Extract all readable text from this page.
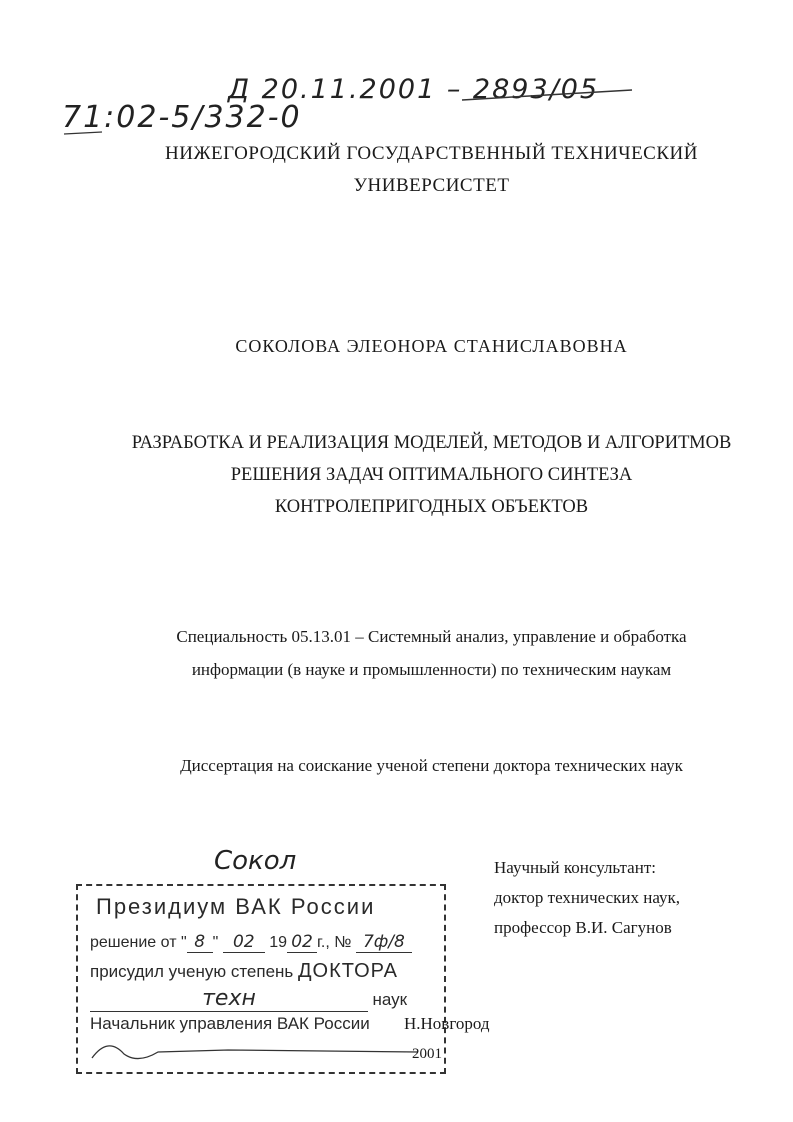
71:02-5/332-0
Д 20.11.2001 – 2893/05
НИЖЕГОРОДСКИЙ ГОСУДАРСТВЕННЫЙ ТЕХНИЧЕСКИЙ
УНИВЕРСИСТЕТ
СОКОЛОВА ЭЛЕОНОРА СТАНИСЛАВОВНА
РАЗРАБОТКА И РЕАЛИЗАЦИЯ МОДЕЛЕЙ, МЕТОДОВ И АЛГОРИТМОВ
РЕШЕНИЯ ЗАДАЧ ОПТИМАЛЬНОГО СИНТЕЗА
КОНТРОЛЕПРИГОДНЫХ ОБЪЕКТОВ
Специальность 05.13.01 – Системный анализ, управление и обработка
информации (в науке и промышленности) по техническим наукам
Диссертация на соискание ученой степени доктора технических наук
Научный консультант:
доктор технических наук,
профессор В.И. Сагунов
Сокол
Президиум ВАК России
решение от " 8 " 02 19 02 г., № 7ф/8
присудил ученую степень ДОКТОРА
техн	наук
Начальник управления ВАК России Н.Новгород
2001
